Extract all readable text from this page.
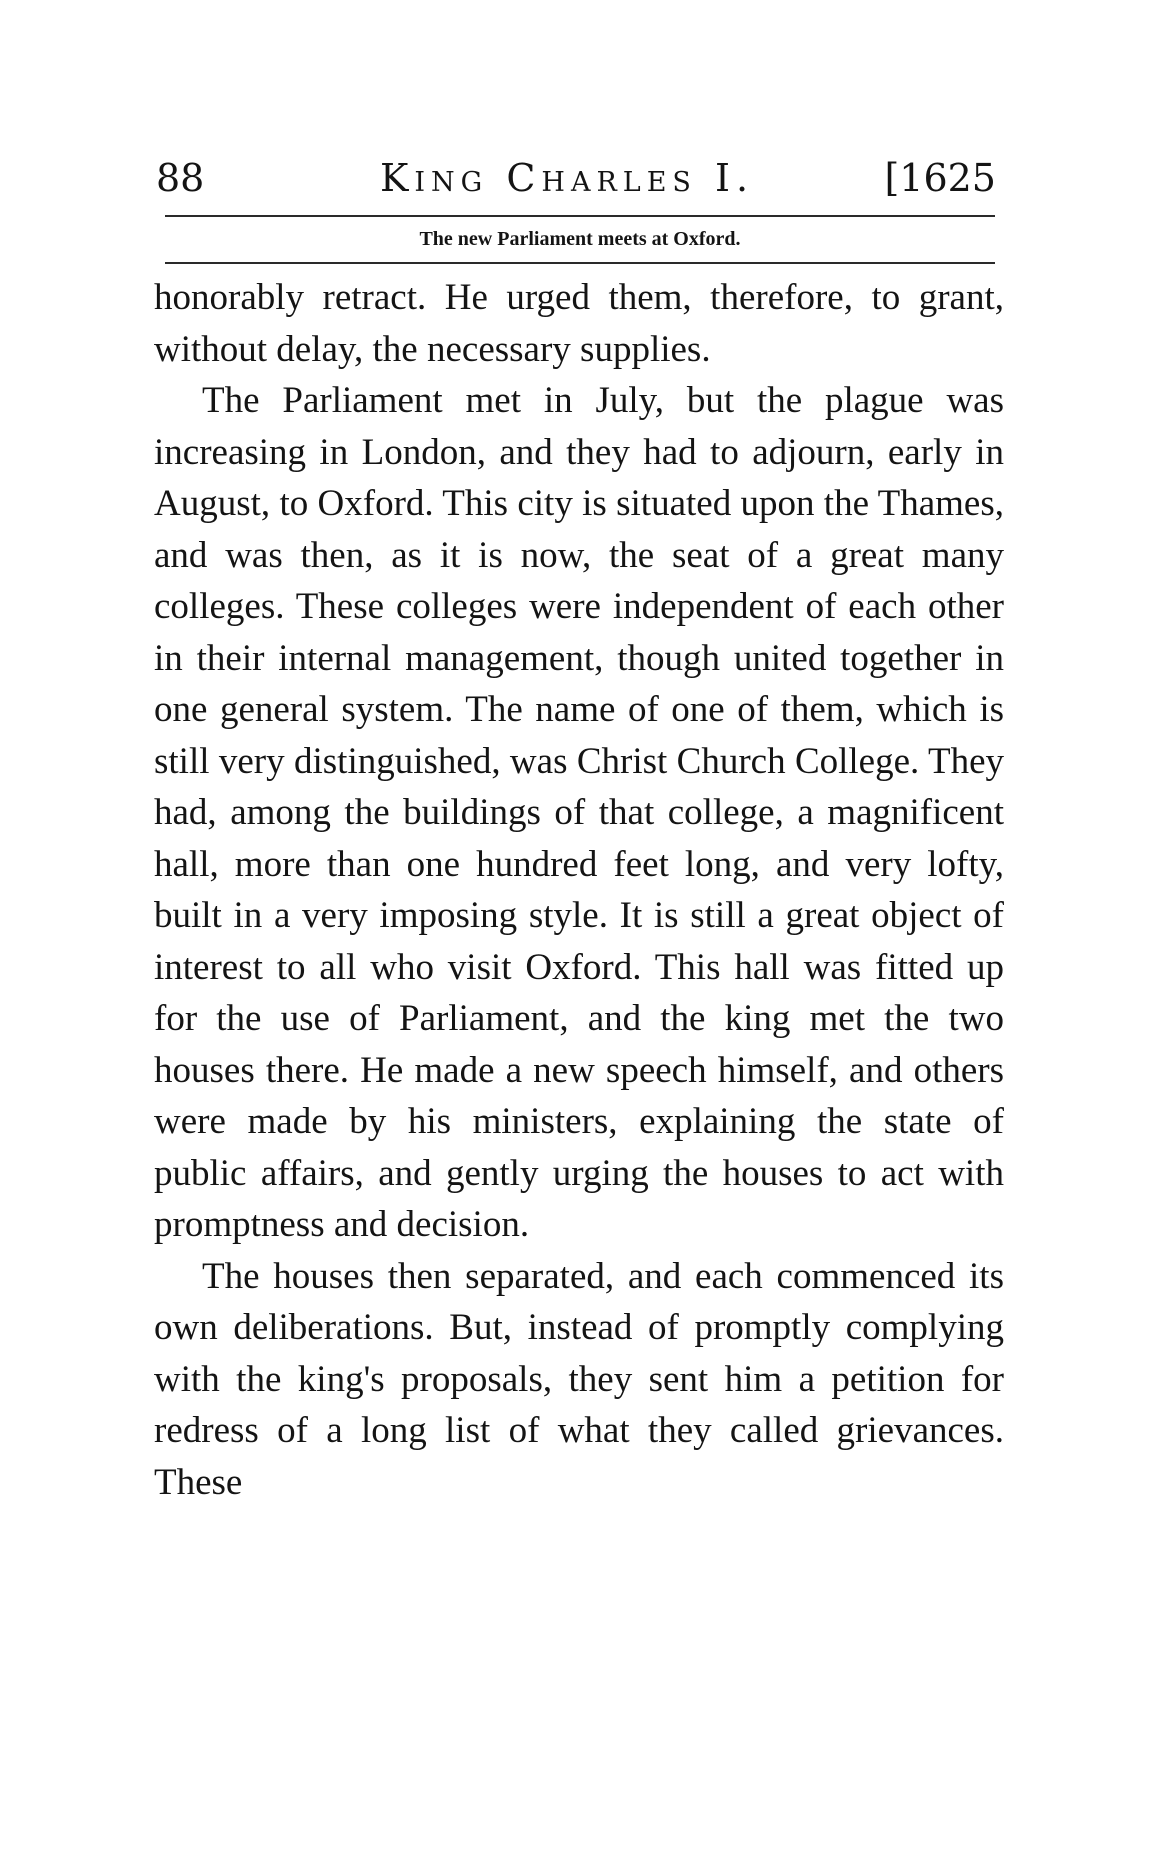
88	King Charles I.	[1625
The new Parliament meets at Oxford.

honorably retract. He urged them, therefore, to grant, without delay, the necessary supplies.

The Parliament met in July, but the plague was increasing in London, and they had to adjourn, early in August, to Oxford. This city is situated upon the Thames, and was then, as it is now, the seat of a great many colleges. These colleges were independent of each other in their internal management, though united together in one general system. The name of one of them, which is still very distinguished, was Christ Church College. They had, among the buildings of that college, a magnificent hall, more than one hundred feet long, and very lofty, built in a very imposing style. It is still a great object of interest to all who visit Oxford. This hall was fitted up for the use of Parliament, and the king met the two houses there. He made a new speech himself, and others were made by his ministers, explaining the state of public affairs, and gently urging the houses to act with promptness and decision.

The houses then separated, and each commenced its own deliberations. But, instead of promptly complying with the king's proposals, they sent him a petition for redress of a long list of what they called grievances. These
